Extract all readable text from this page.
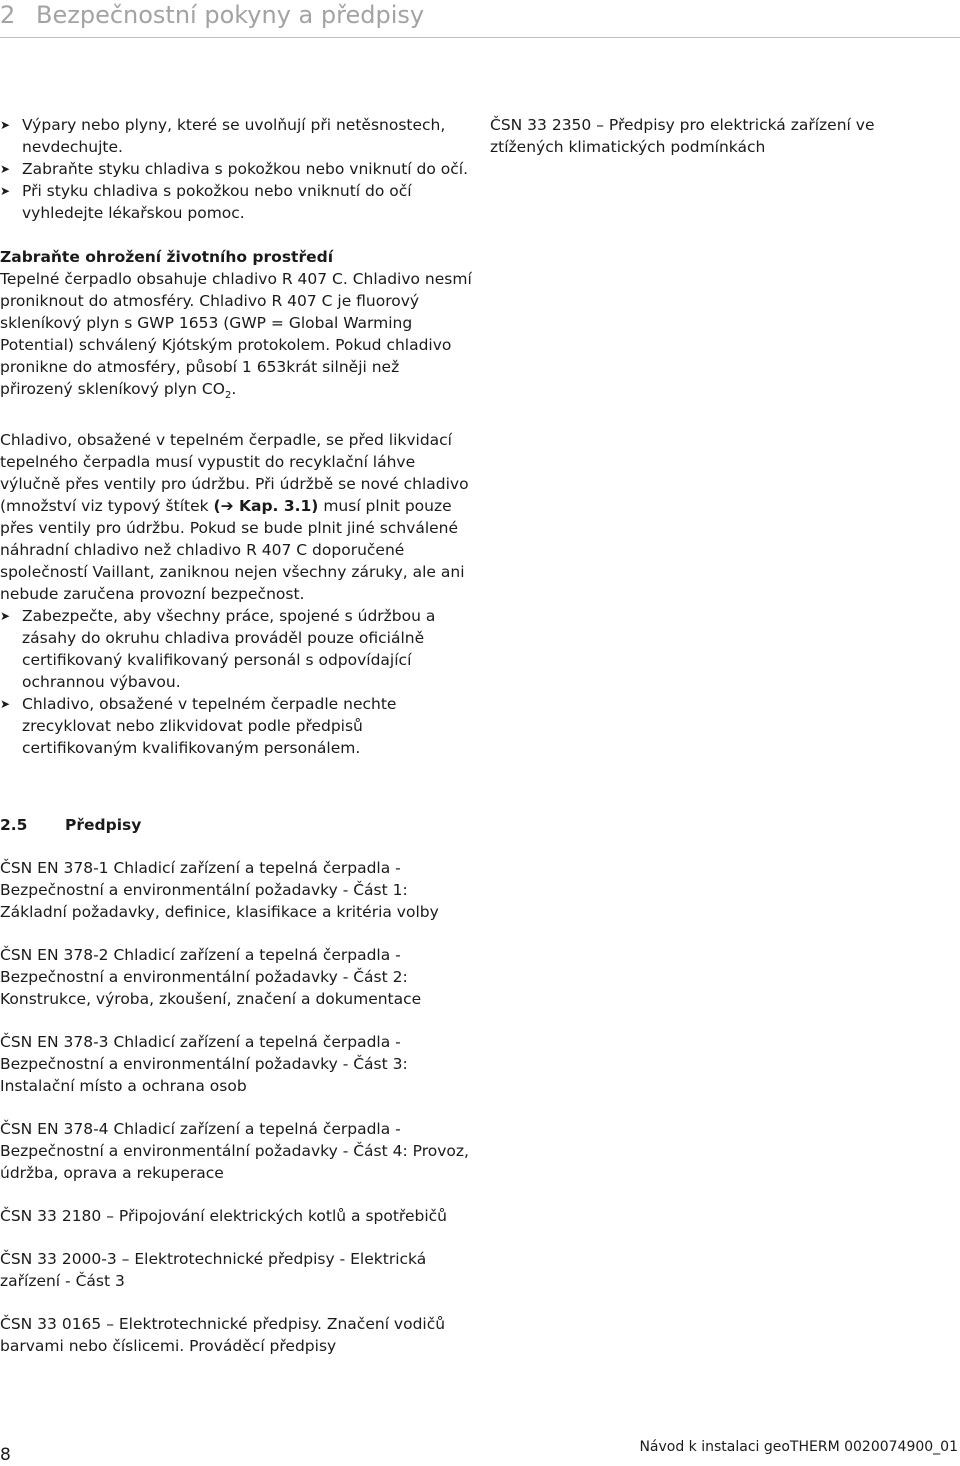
2 Bezpečnostní pokyny a předpisy

➤ Výpary nebo plyny, které se uvolňují při netěsnostech, nevdechujte.

➤ Zabraňte styku chladiva s pokožkou nebo vniknutí do očí.

➤ Při styku chladiva s pokožkou nebo vniknutí do očí vyhledejte lékařskou pomoc.

Zabraňte ohrožení životního prostředí

Tepelné čerpadlo obsahuje chladivo R 407 C. Chladivo nesmí proniknout do atmosféry. Chladivo R 407 C je fluorový skleníkový plyn s GWP 1653 (GWP = Global Warming Potential) schválený Kjótským protokolem. Pokud chladivo pronikne do atmosféry, působí 1 653krát silněji než přirozený skleníkový plyn $CO_2$.

Chladivo, obsažené v tepelném čerpadle, se před likvidací tepelného čerpadla musí vypustit do recyklační láhve výlučně přes ventily pro údržbu. Při údržbě se nové chladivo (množství viz typový štítek (➔ Kap. 3.1) musí plnit pouze přes ventily pro údržbu. Pokud se bude plnit jiné schválené náhradní chladivo než chladivo R 407 C doporučené společností Vaillant, zaniknou nejen všechny záruky, ale ani nebude zaručena provozní bezpečnost.

➤ Zabezpečte, aby všechny práce, spojené s údržbou a zásahy do okruhu chladiva prováděl pouze oficiálně certifikovaný kvalifikovaný personál s odpovídající ochrannou výbavou.

➤ Chladivo, obsažené v tepelném čerpadle nechte zrecyklovat nebo zlikvidovat podle předpisů certifikovaným kvalifikovaným personálem.

ČSN 33 2350 – Předpisy pro elektrická zařízení ve ztížených klimatických podmínkách

2.5 Předpisy

ČSN EN 378-1 Chladicí zařízení a tepelná čerpadla - Bezpečnostní a environmentální požadavky - Část 1: Základní požadavky, definice, klasifikace a kritéria volby

ČSN EN 378-2 Chladicí zařízení a tepelná čerpadla - Bezpečnostní a environmentální požadavky - Část 2: Konstrukce, výroba, zkoušení, značení a dokumentace

ČSN EN 378-3 Chladicí zařízení a tepelná čerpadla - Bezpečnostní a environmentální požadavky - Část 3: Instalační místo a ochrana osob

ČSN EN 378-4 Chladicí zařízení a tepelná čerpadla - Bezpečnostní a environmentální požadavky - Část 4: Provoz, údržba, oprava a rekuperace

ČSN 33 2180 – Připojování elektrických kotlů a spotřebičů

ČSN 33 2000-3 – Elektrotechnické předpisy - Elektrická zařízení - Část 3

ČSN 33 0165 – Elektrotechnické předpisy. Značení vodičů barvami nebo číslicemi. Prováděcí předpisy

8	Návod k instalaci geoTHERM 0020074900_01
